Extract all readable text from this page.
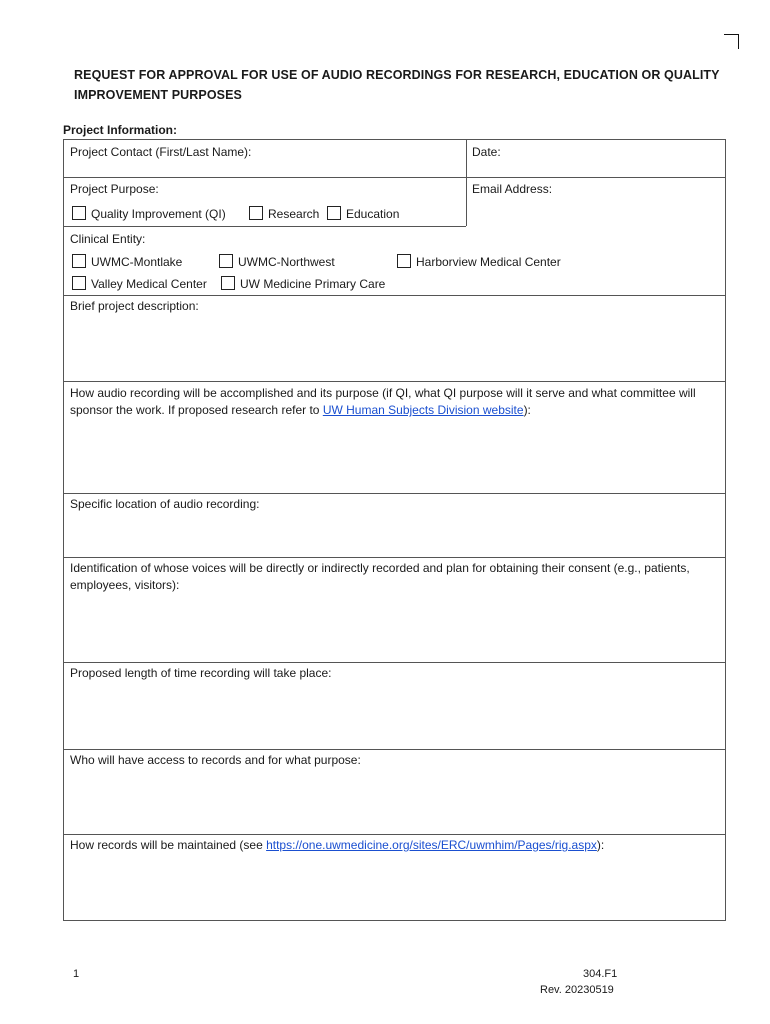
REQUEST FOR APPROVAL FOR USE OF AUDIO RECORDINGS FOR RESEARCH, EDUCATION OR QUALITY IMPROVEMENT PURPOSES
Project Information:
Project Contact (First/Last Name):	Date:
Project Purpose:	Email Address:
Quality Improvement (QI)	Research Education
Clinical Entity:
UWMC-Montlake	UWMC-Northwest	Harborview Medical Center
Valley Medical Center	UW Medicine Primary Care
Brief project description:
How audio recording will be accomplished and its purpose (if QI, what QI purpose will it serve and what committee will sponsor the work. If proposed research refer to UW Human Subjects Division website):
Specific location of audio recording:
Identification of whose voices will be directly or indirectly recorded and plan for obtaining their consent (e.g., patients, employees, visitors):
Proposed length of time recording will take place:
Who will have access to records and for what purpose:
How records will be maintained (see https://one.uwmedicine.org/sites/ERC/uwmhim/Pages/rig.aspx):
1	304.F1
Rev. 20230519
